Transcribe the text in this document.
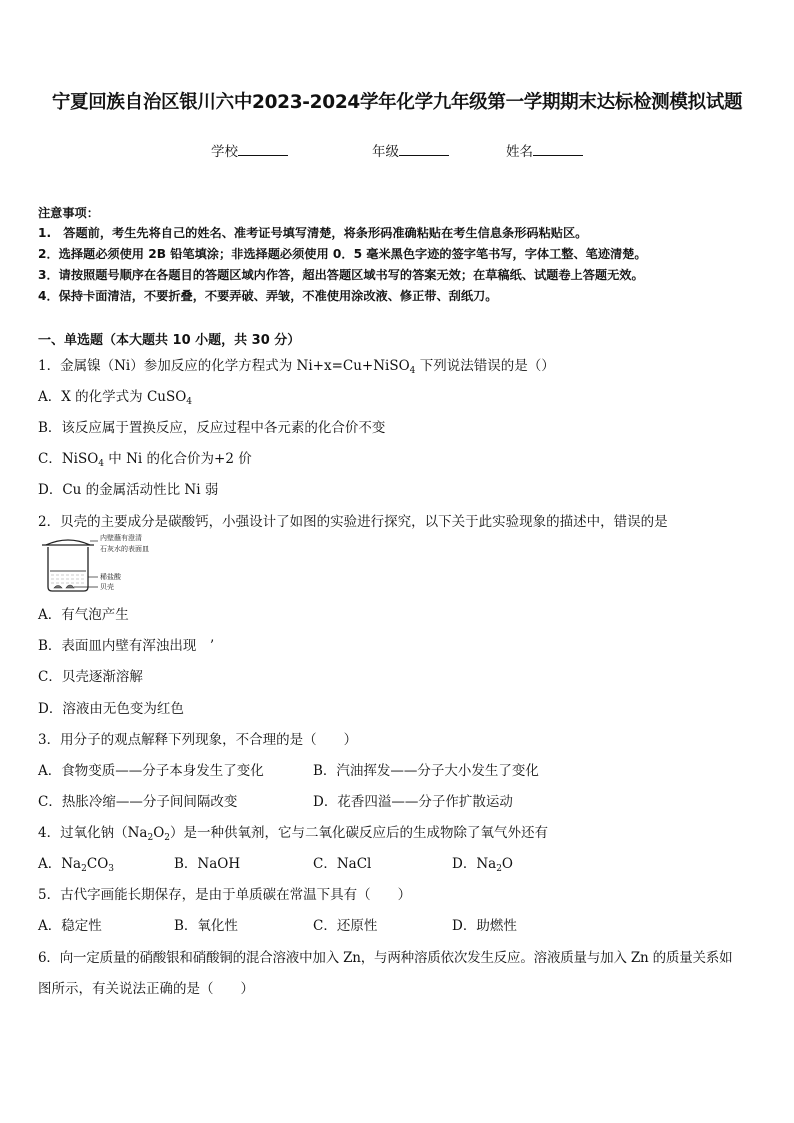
宁夏回族自治区银川六中2023-2024学年化学九年级第一学期期末达标检测模拟试题
学校	年级	姓名
注意事项：
1.　答题前，考生先将自己的姓名、准考证号填写清楚，将条形码准确粘贴在考生信息条形码粘贴区。
2．选择题必须使用 2B 铅笔填涂；非选择题必须使用 0．5 毫米黑色字迹的签字笔书写，字体工整、笔迹清楚。
3．请按照题号顺序在各题目的答题区域内作答，超出答题区域书写的答案无效；在草稿纸、试题卷上答题无效。
4．保持卡面清洁，不要折叠，不要弄破、弄皱，不准使用涂改液、修正带、刮纸刀。
一、单选题（本大题共 10 小题，共 30 分）
1．金属镍（Ni）参加反应的化学方程式为 Ni+x=Cu+NiSO$_4$ 下列说法错误的是（）
A．X 的化学式为 CuSO$_4$
B．该反应属于置换反应，反应过程中各元素的化合价不变
C．NiSO$_4$ 中 Ni 的化合价为+2 价
D．Cu 的金属活动性比 Ni 弱
2．贝壳的主要成分是碳酸钙，小强设计了如图的实验进行探究，以下关于此实验现象的描述中，错误的是
内壁蘸有澄清
石灰水的表面皿
稀盐酸
贝壳
A．有气泡产生
B．表面皿内壁有浑浊出现　’
C．贝壳逐渐溶解
D．溶液由无色变为红色
3．用分子的观点解释下列现象，不合理的是（　　）
A．食物变质——分子本身发生了变化	B．汽油挥发——分子大小发生了变化
C．热胀冷缩——分子间间隔改变	D．花香四溢——分子作扩散运动
4．过氧化钠$(Na_2O_2)$是一种供氧剂，它与二氧化碳反应后的生成物除了氧气外还有
A．$Na_2CO_3$	B．NaOH	C．NaCl	D．$Na_2O$
5．古代字画能长期保存，是由于单质碳在常温下具有（　　）
A．稳定性	B．氧化性	C．还原性	D．助燃性
6．向一定质量的硝酸银和硝酸铜的混合溶液中加入 Zn，与两种溶质依次发生反应。溶液质量与加入 Zn 的质量关系如
图所示，有关说法正确的是（　　）
